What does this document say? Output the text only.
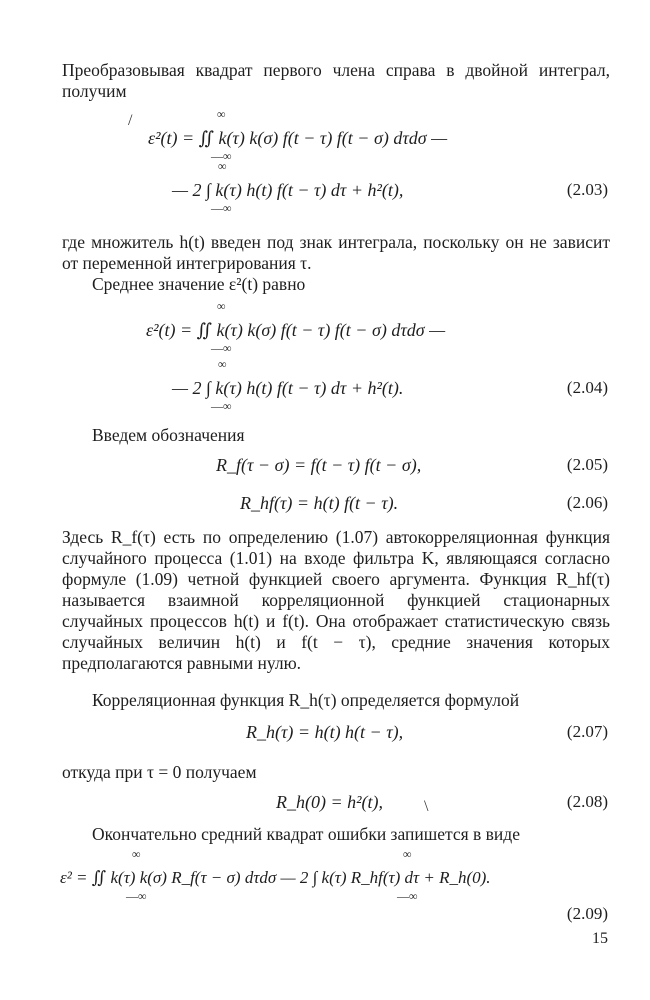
Преобразовывая квадрат первого члена справа в двойной интеграл, получим

/	∞
ε²(t) = ∬ k(τ) k(σ) f(t − τ) f(t − σ) dτdσ —
—∞
∞
— 2 ∫ k(τ) h(t) f(t − τ) dτ + h²(t),
—∞
(2.03)

где множитель h(t) введен под знак интеграла, поскольку он не зависит от переменной интегрирования τ.

Среднее значение ε²(t) равно

∞
ε²(t) = ∬ k(τ) k(σ) f(t − τ) f(t − σ) dτdσ —
—∞
∞
— 2 ∫ k(τ) h(t) f(t − τ) dτ + h²(t).
—∞
(2.04)

Введем обозначения

R_f(τ − σ) = f(t − τ) f(t − σ),	(2.05)
R_hf(τ) = h(t) f(t − τ).	(2.06)

Здесь R_f(τ) есть по определению (1.07) автокорреляционная функция случайного процесса (1.01) на входе фильтра K, являющаяся согласно формуле (1.09) четной функцией своего аргумента. Функция R_hf(τ) называется взаимной корреляционной функцией стационарных случайных процессов h(t) и f(t). Она отображает статистическую связь случайных величин h(t) и f(t − τ), средние значения которых предполагаются равными нулю.

Корреляционная функция R_h(τ) определяется формулой

R_h(τ) = h(t) h(t − τ),	(2.07)

откуда при τ = 0 получаем

R_h(0) = h²(t),	(2.08)
\

Окончательно средний квадрат ошибки запишется в виде

∞	∞
ε² = ∬ k(τ) k(σ) R_f(τ − σ) dτdσ — 2 ∫ k(τ) R_hf(τ) dτ + R_h(0).
—∞	—∞
(2.09)
15
